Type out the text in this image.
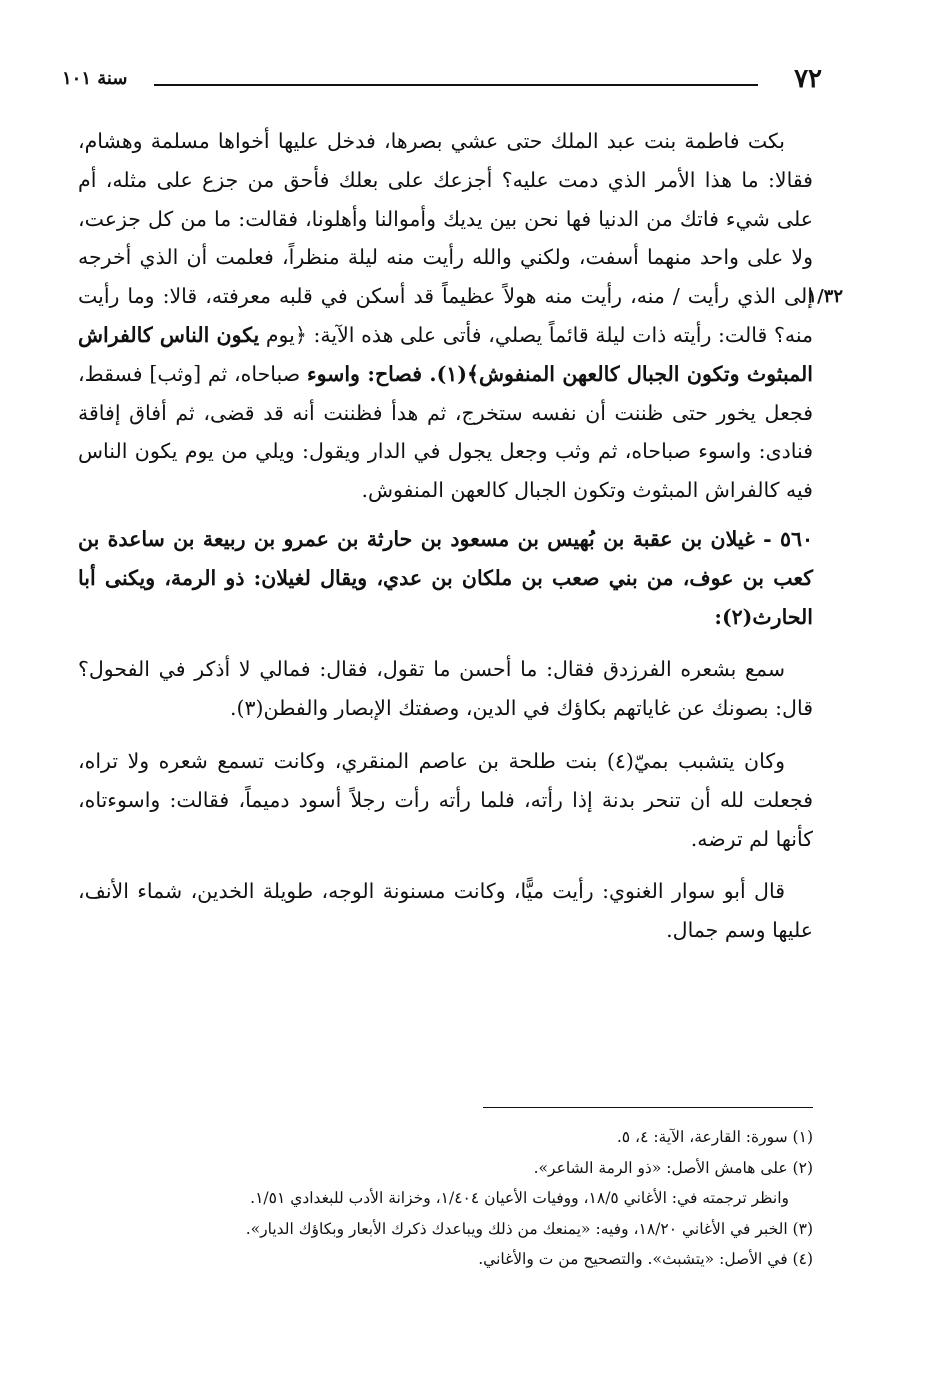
٧٢
سنة ١٠١
١/٣٢
بكت فاطمة بنت عبد الملك حتى عشي بصرها، فدخل عليها أخواها مسلمة وهشام، فقالا: ما هذا الأمر الذي دمت عليه؟ أجزعك على بعلك فأحق من جزع على مثله، أم على شيء فاتك من الدنيا فها نحن بين يديك وأموالنا وأهلونا، فقالت: ما من كل جزعت، ولا على واحد منهما أسفت، ولكني والله رأيت منه ليلة منظراً، فعلمت أن الذي أخرجه إلى الذي رأيت / منه، رأيت منه هولاً عظيماً قد أسكن في قلبه معرفته، قالا: وما رأيت منه؟ قالت: رأيته ذات ليلة قائماً يصلي، فأتى على هذه الآية: ﴿يوم يكون الناس كالفراش المبثوث وتكون الجبال كالعهن المنفوش﴾(١). فصاح: واسوء صباحاه، ثم [وثب] فسقط، فجعل يخور حتى ظننت أن نفسه ستخرج، ثم هدأ فظننت أنه قد قضى، ثم أفاق إفاقة فنادى: واسوء صباحاه، ثم وثب وجعل يجول في الدار ويقول: ويلي من يوم يكون الناس فيه كالفراش المبثوث وتكون الجبال كالعهن المنفوش.
٥٦٠ - غيلان بن عقبة بن بُهيس بن مسعود بن حارثة بن عمرو بن ربيعة بن ساعدة بن كعب بن عوف، من بني صعب بن ملكان بن عدي، ويقال لغيلان: ذو الرمة، ويكنى أبا الحارث(٢):
سمع بشعره الفرزدق فقال: ما أحسن ما تقول، فقال: فمالي لا أذكر في الفحول؟ قال: بصونك عن غاياتهم بكاؤك في الدين، وصفتك الإبصار والفطن(٣).
وكان يتشبب بميّ(٤) بنت طلحة بن عاصم المنقري، وكانت تسمع شعره ولا تراه، فجعلت لله أن تنحر بدنة إذا رأته، فلما رأته رأت رجلاً أسود دميماً، فقالت: واسوءتاه، كأنها لم ترضه.
قال أبو سوار الغنوي: رأيت ميًّا، وكانت مسنونة الوجه، طويلة الخدين، شماء الأنف، عليها وسم جمال.

(١) سورة: القارعة، الآية: ٤، ٥.

(٢) على هامش الأصل: «ذو الرمة الشاعر».

وانظر ترجمته في: الأغاني ١٨/٥، ووفيات الأعيان ١/٤٠٤، وخزانة الأدب للبغدادي ١/٥١.

(٣) الخبر في الأغاني ١٨/٢٠، وفيه: «يمنعك من ذلك ويباعدك ذكرك الأبعار وبكاؤك الديار».

(٤) في الأصل: «يتشبث». والتصحيح من ت والأغاني.
